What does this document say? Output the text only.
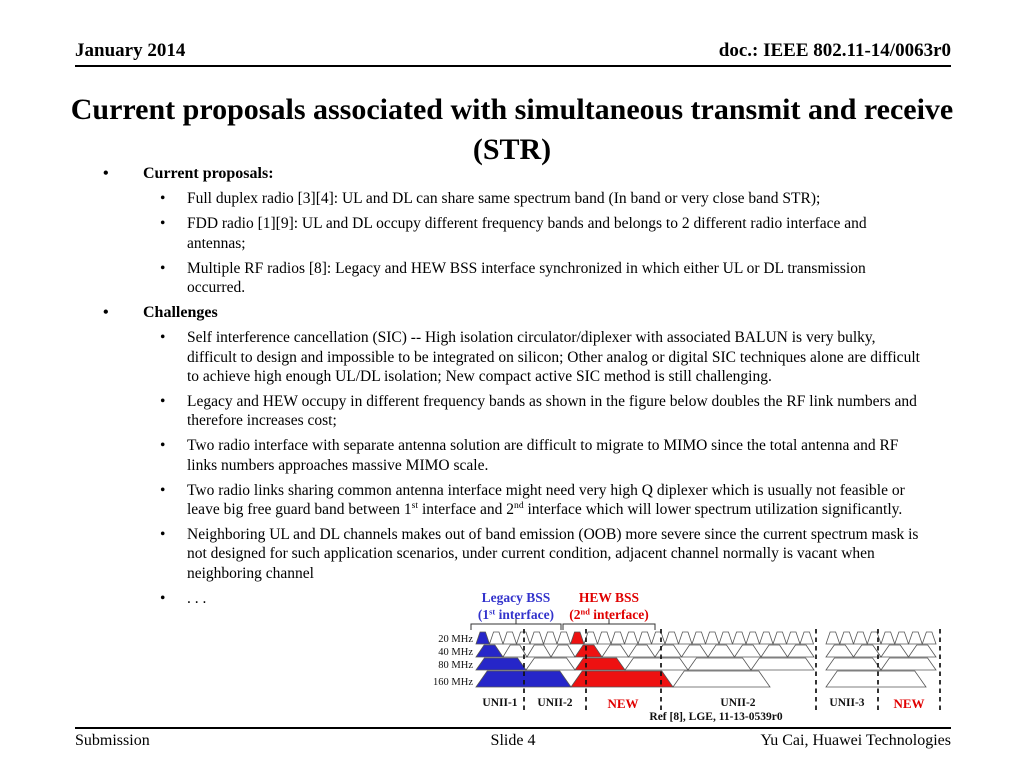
January 2014	doc.: IEEE 802.11-14/0063r0
Current proposals associated with simultaneous transmit and receive (STR)
• Current proposals:
• Full duplex radio [3][4]: UL and DL can share same spectrum band (In band or very close band STR);
• FDD radio [1][9]: UL and DL occupy different frequency bands and belongs to 2 different radio interface and antennas;
• Multiple RF radios [8]: Legacy and HEW BSS interface synchronized in which either UL or DL transmission occurred.
• Challenges
• Self interference cancellation (SIC) -- High isolation circulator/diplexer with associated BALUN is very bulky, difficult to design and impossible to be integrated on silicon; Other analog or digital SIC techniques alone are difficult to achieve high enough UL/DL isolation; New compact active SIC method is still challenging.
• Legacy and HEW occupy in different frequency bands as shown in the figure below doubles the RF link numbers and therefore increases cost;
• Two radio interface with separate antenna solution are difficult to migrate to MIMO since the total antenna and RF links numbers approaches massive MIMO scale.
• Two radio links sharing common antenna interface might need very high Q diplexer which is usually not feasible or leave big free guard band between 1st interface and 2nd interface which will lower spectrum utilization significantly.
• Neighboring UL and DL channels makes out of band emission (OOB) more severe since the current spectrum mask is not designed for such application scenarios, under current condition, adjacent channel normally is vacant when neighboring channel
• . . .	Legacy BSS
(1st interface)
HEW BSS
(2nd interface)
20 MHz
40 MHz
80 MHz
160 MHz
UNII-1 UNII-2	NEW	UNII-2	UNII-3 NEW
Ref [8], LGE, 11-13-0539r0
Submission	Slide 4	Yu Cai, Huawei Technologies
